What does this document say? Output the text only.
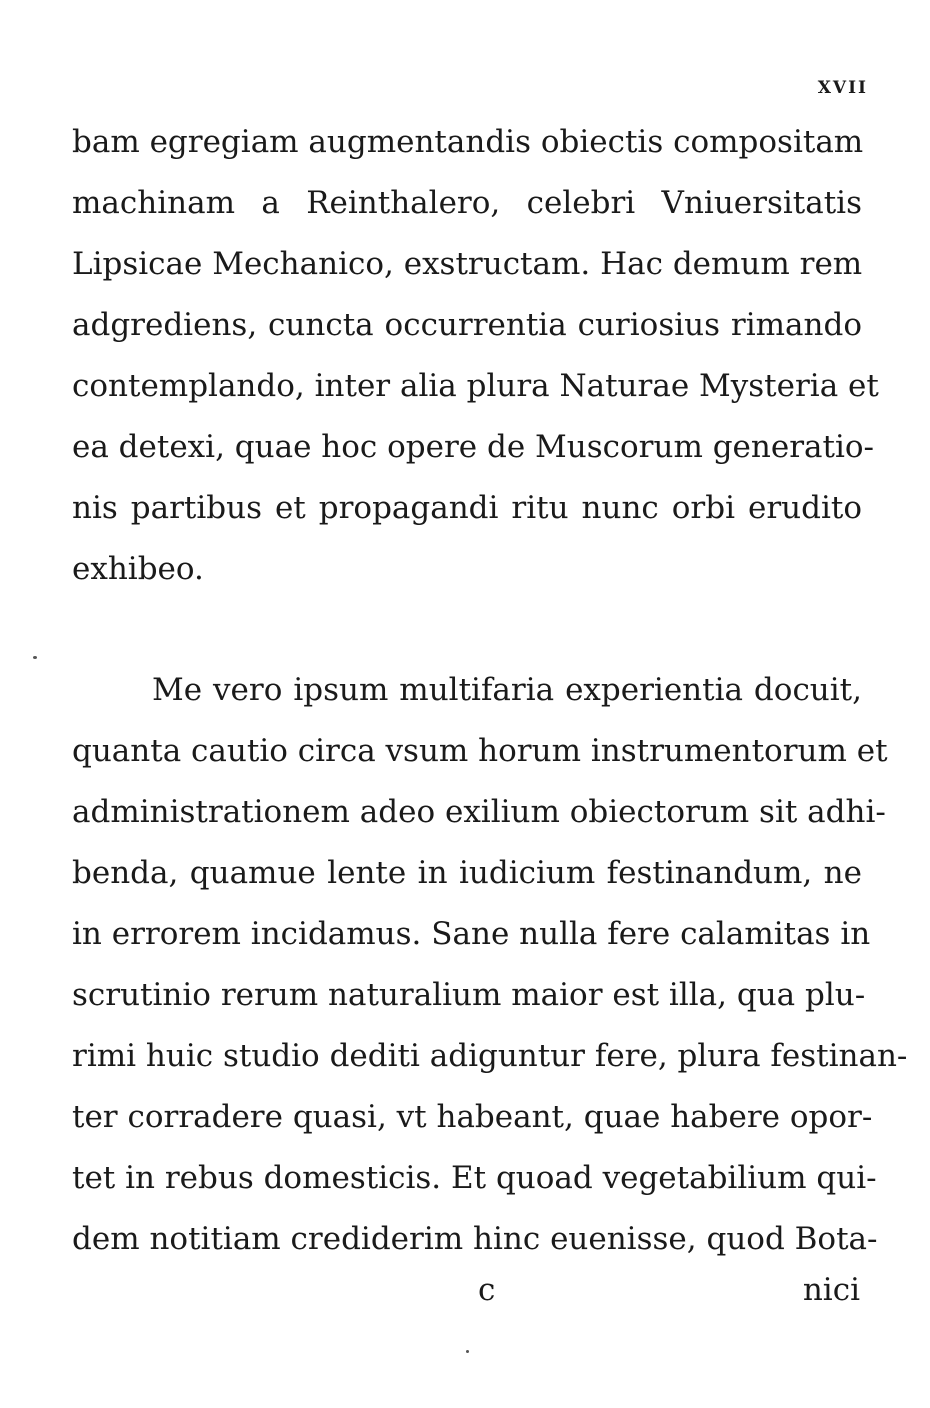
XVII
bam egregiam augmentandis obiectis compositam
machinam a Reinthalero, celebri Vniuersitatis
Lipsicae Mechanico, exstructam. Hac demum rem
adgrediens, cuncta occurrentia curiosius rimando
contemplando, inter alia plura Naturae Mysteria et
ea detexi, quae hoc opere de Muscorum generatio-
nis partibus et propagandi ritu nunc orbi erudito
exhibeo.
Me vero ipsum multifaria experientia docuit,
quanta cautio circa vsum horum instrumentorum et
administrationem adeo exilium obiectorum sit adhi-
benda, quamue lente in iudicium festinandum, ne
in errorem incidamus. Sane nulla fere calamitas in
scrutinio rerum naturalium maior est illa, qua plu-
rimi huic studio dediti adiguntur fere, plura festinan-
ter corradere quasi, vt habeant, quae habere opor-
tet in rebus domesticis. Et quoad vegetabilium qui-
dem notitiam crediderim hinc euenisse, quod Bota-
c	nici
